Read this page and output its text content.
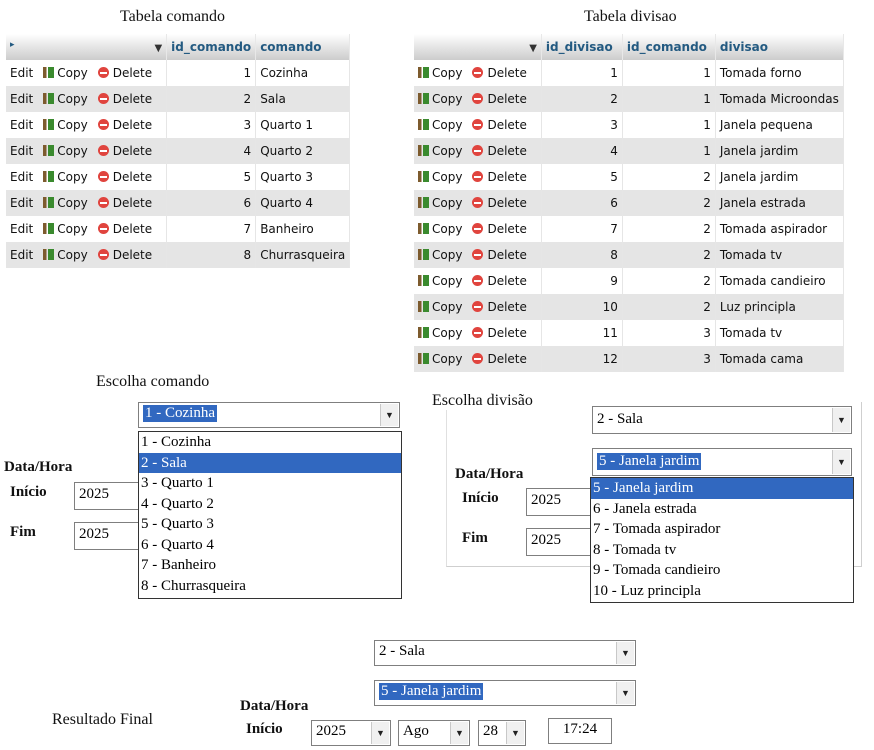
Tabela comando
▸ ▼	id_comando	comando
Edit Copy Delete	1	Cozinha
Edit Copy Delete	2	Sala
Edit Copy Delete	3	Quarto 1
Edit Copy Delete	4	Quarto 2
Edit Copy Delete	5	Quarto 3
Edit Copy Delete	6	Quarto 4
Edit Copy Delete	7	Banheiro
Edit Copy Delete	8	Churrasqueira
Tabela divisao
▼	id_divisao	id_comando	divisao
Copy Delete	1	1	Tomada forno
Copy Delete	2	1	Tomada Microondas
Copy Delete	3	1	Janela pequena
Copy Delete	4	1	Janela jardim
Copy Delete	5	2	Janela jardim
Copy Delete	6	2	Janela estrada
Copy Delete	7	2	Tomada aspirador
Copy Delete	8	2	Tomada tv
Copy Delete	9	2	Tomada candieiro
Copy Delete	10	2	Luz principla
Copy Delete	11	3	Tomada tv
Copy Delete	12	3	Tomada cama
Escolha comando
1 - Cozinha	▼
Data/Hora
Início	2025
Fim	2025
1 - Cozinha
2 - Sala
3 - Quarto 1
4 - Quarto 2
5 - Quarto 3
6 - Quarto 4
7 - Banheiro
8 - Churrasqueira
Escolha divisão
2 - Sala	▼
5 - Janela jardim	▼
Data/Hora
Início	2025
Fim	2025
5 - Janela jardim
6 - Janela estrada
7 - Tomada aspirador
8 - Tomada tv
9 - Tomada candieiro
10 - Luz principla
Resultado Final
2 - Sala	▼
5 - Janela jardim	▼
Data/Hora
Início 2025	▼ Ago	▼ 28	▼	17:24
